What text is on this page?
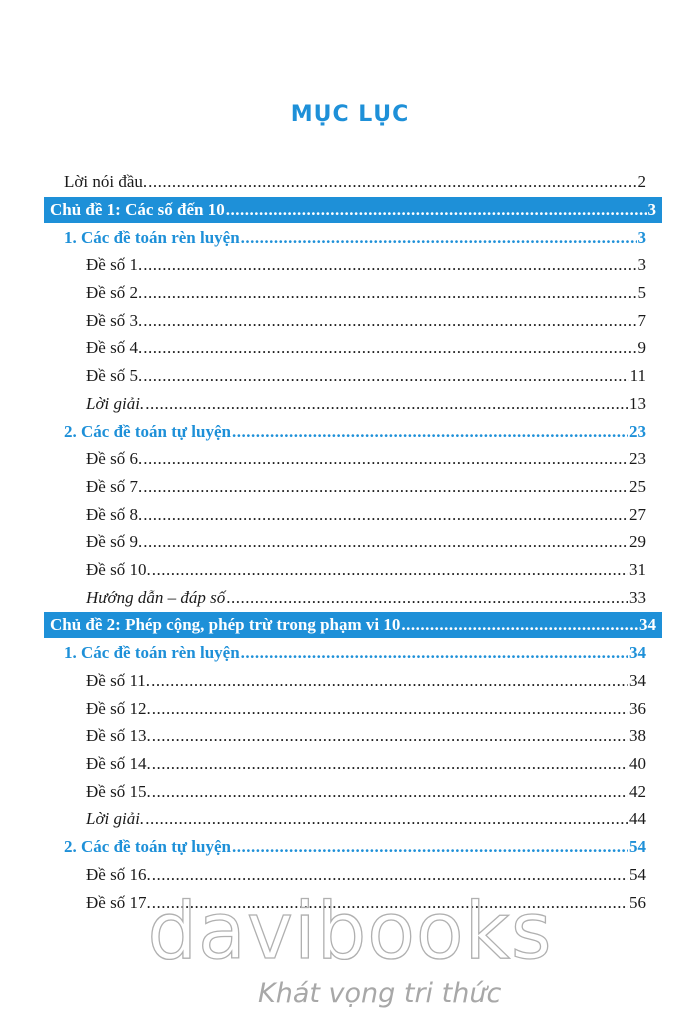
MỤC LỤC
Lời nói đầu. .....	2
Chủ đề 1: Các số đến 10 .....	3
1. Các đề toán rèn luyện .....	3
Đề số 1. .....	3
Đề số 2. .....	5
Đề số 3. .....	7
Đề số 4. .....	9
Đề số 5. .....	11
Lời giải. .....	13
2. Các đề toán tự luyện .....	23
Đề số 6. .....	23
Đề số 7. .....	25
Đề số 8. .....	27
Đề số 9. .....	29
Đề số 10. .....	31
Hướng dẫn – đáp số .....	33
Chủ đề 2: Phép cộng, phép trừ trong phạm vi 10 .....	34
1. Các đề toán rèn luyện .....	34
Đề số 11. .....	34
Đề số 12. .....	36
Đề số 13. .....	38
Đề số 14. .....	40
Đề số 15. .....	42
Lời giải. .....	44
2. Các đề toán tự luyện .....	54
Đề số 16. .....	54
Đề số 17. .....	56
davibooks
Khát vọng tri thức
